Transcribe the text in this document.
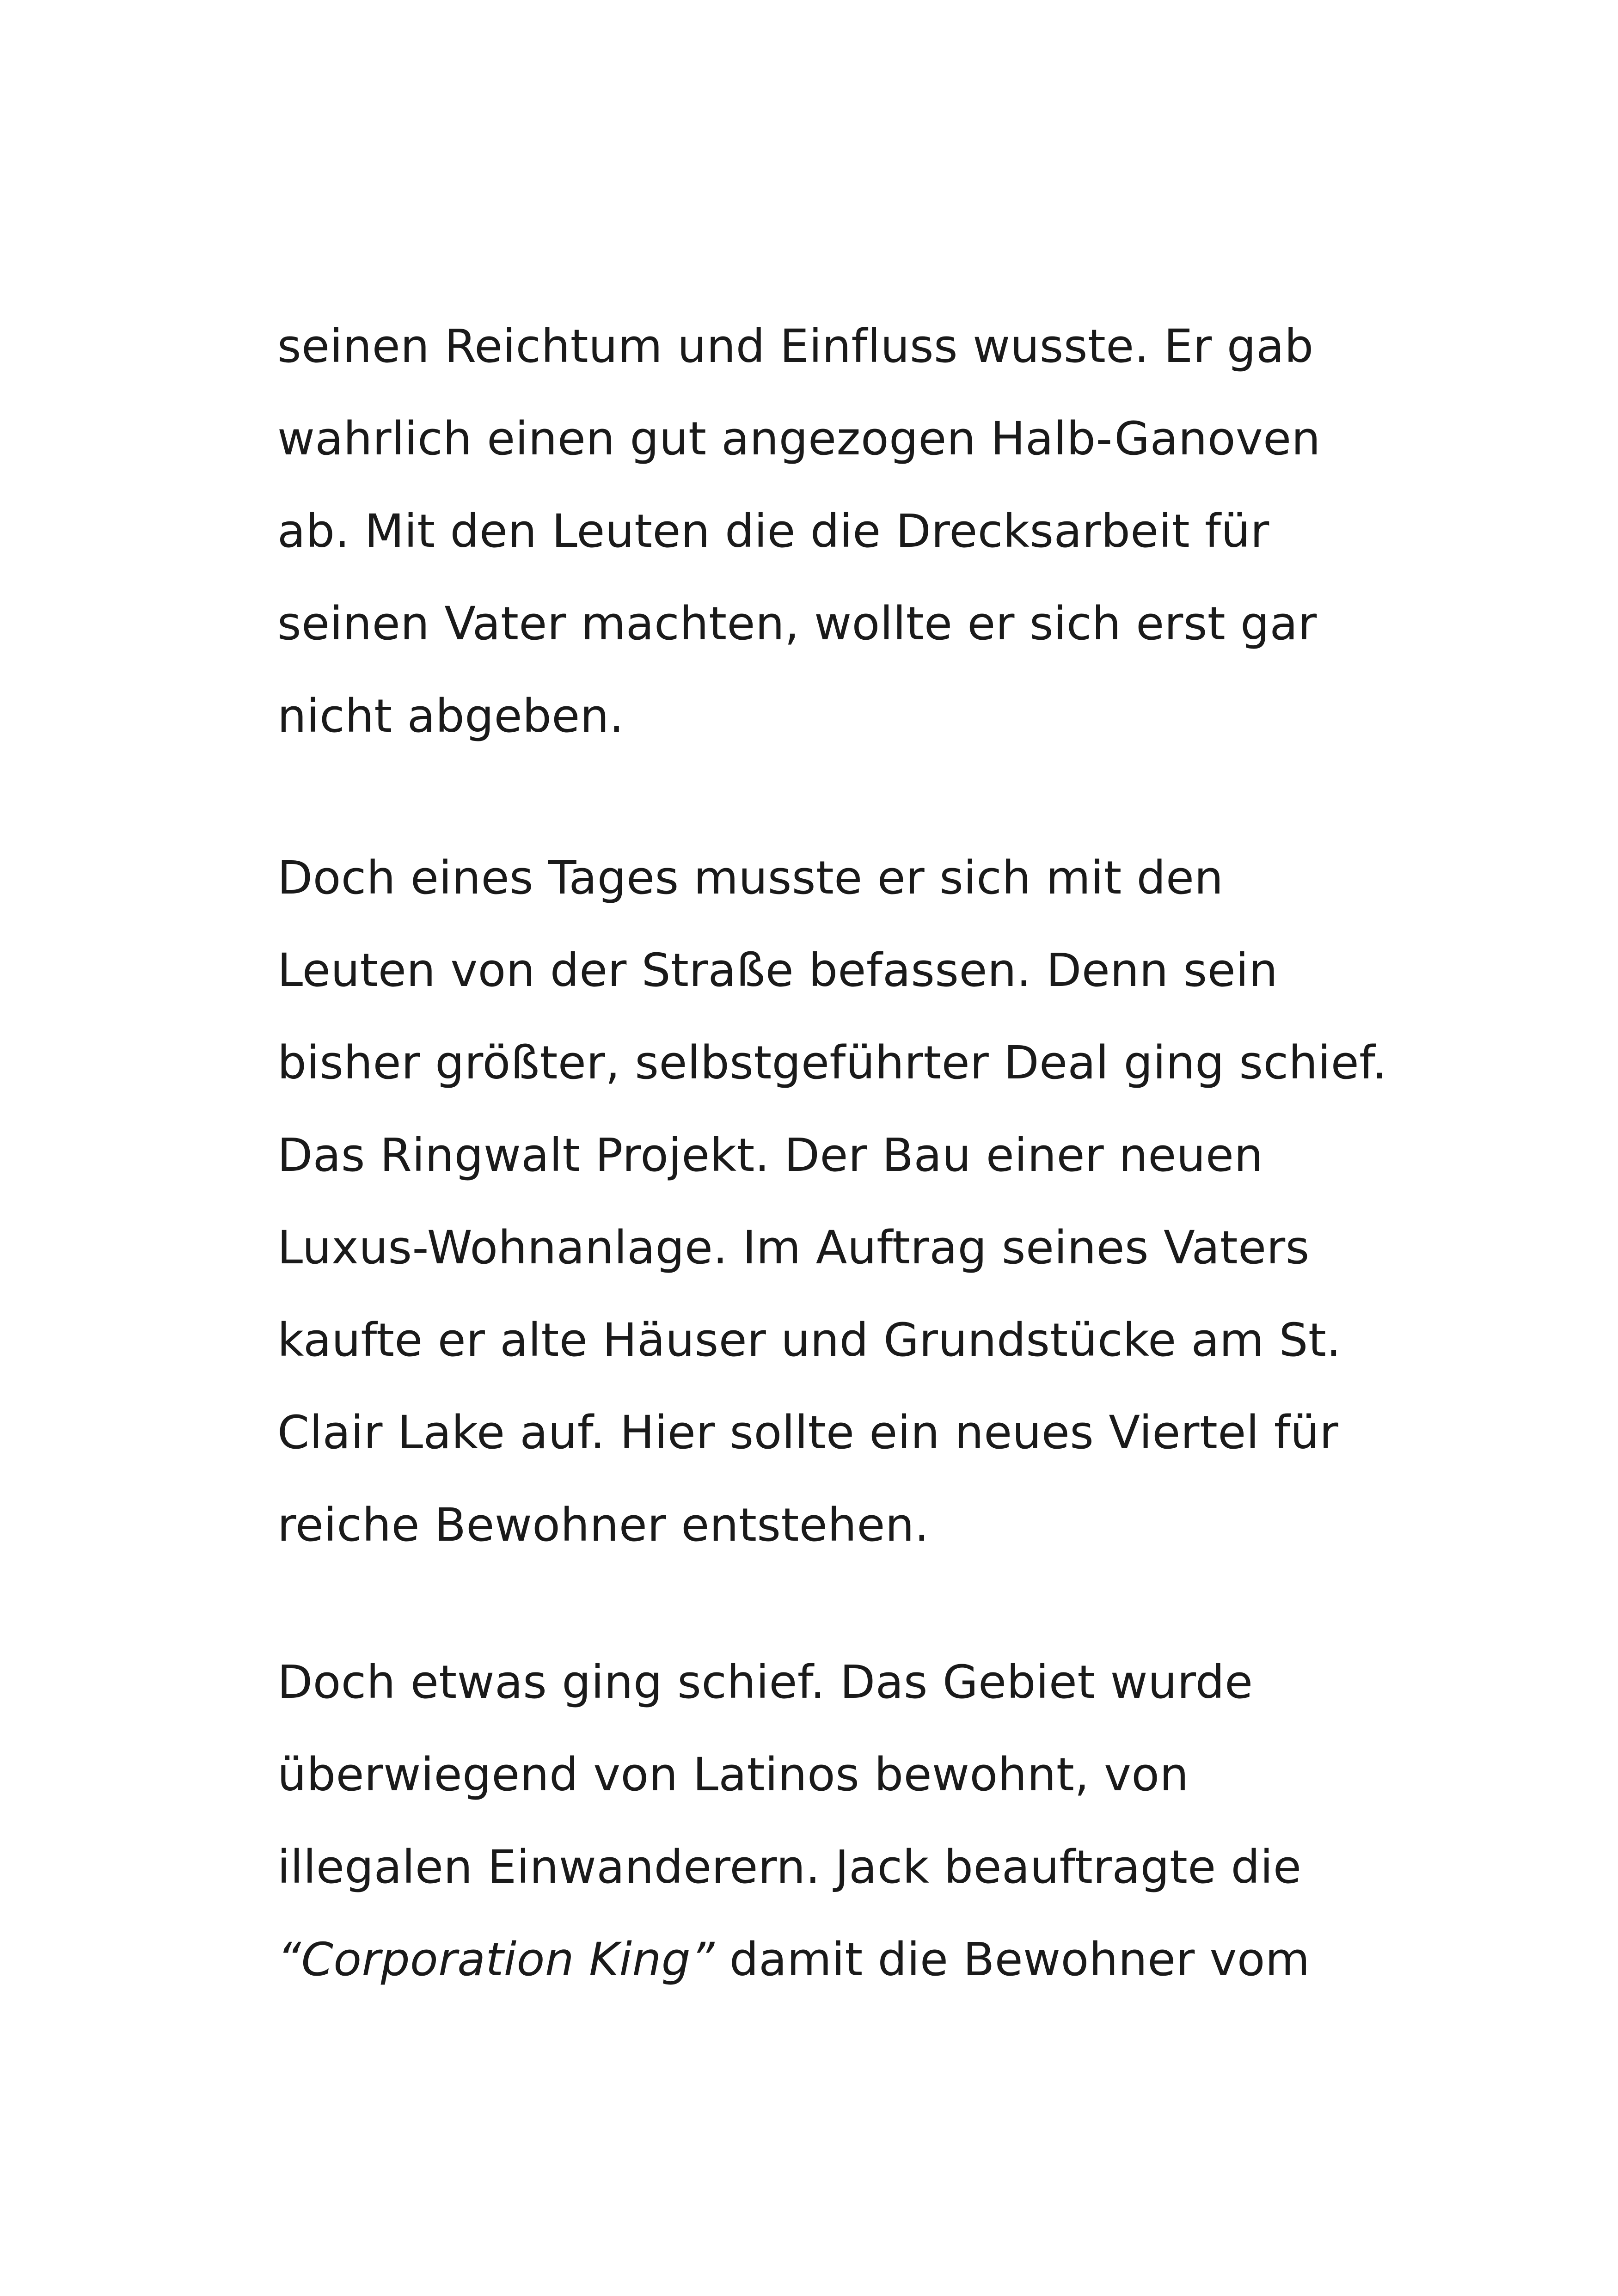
seinen Reichtum und Einfluss wusste. Er gab
wahrlich einen gut angezogen Halb-Ganoven
ab. Mit den Leuten die die Drecksarbeit für
seinen Vater machten, wollte er sich erst gar
nicht abgeben.
Doch eines Tages musste er sich mit den
Leuten von der Straße befassen. Denn sein
bisher größter, selbstgeführter Deal ging schief.
Das Ringwalt Projekt. Der Bau einer neuen
Luxus-Wohnanlage. Im Auftrag seines Vaters
kaufte er alte Häuser und Grundstücke am St.
Clair Lake auf. Hier sollte ein neues Viertel für
reiche Bewohner entstehen.
Doch etwas ging schief. Das Gebiet wurde
überwiegend von Latinos bewohnt, von
illegalen Einwanderern. Jack beauftragte die
“Corporation King” damit die Bewohner vom
